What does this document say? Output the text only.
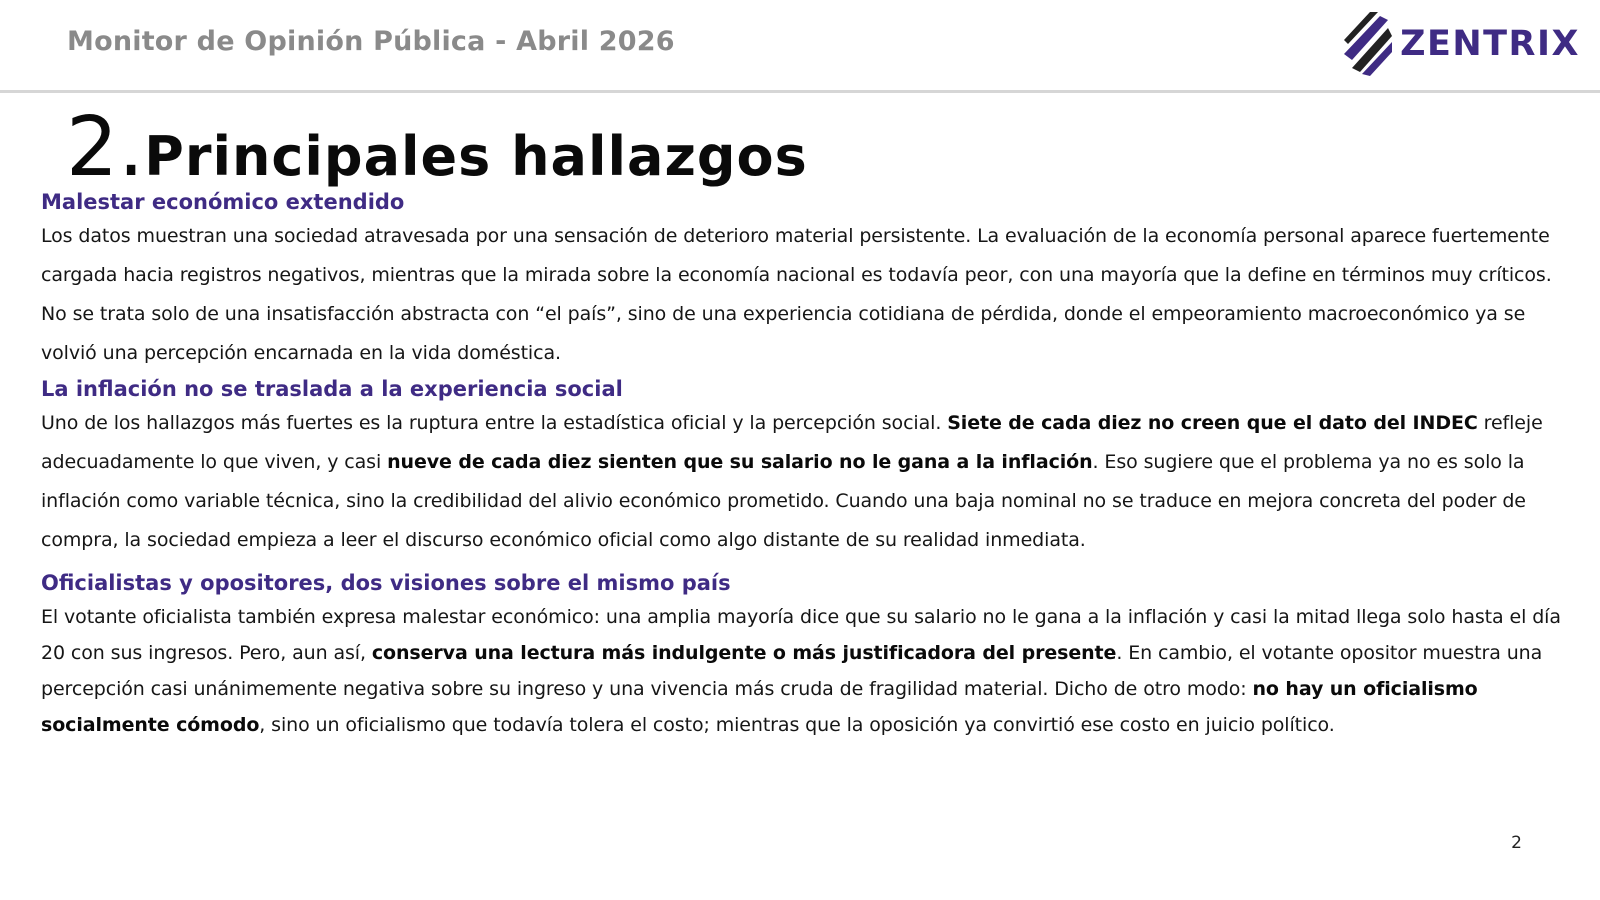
Monitor de Opinión Pública - Abril 2026	ZENTRIX
2.Principales hallazgos
Malestar económico extendido

Los datos muestran una sociedad atravesada por una sensación de deterioro material persistente. La evaluación de la economía personal aparece fuertemente cargada hacia registros negativos, mientras que la mirada sobre la economía nacional es todavía peor, con una mayoría que la define en términos muy críticos. No se trata solo de una insatisfacción abstracta con “el país”, sino de una experiencia cotidiana de pérdida, donde el empeoramiento macroeconómico ya se volvió una percepción encarnada en la vida doméstica.

La inflación no se traslada a la experiencia social

Uno de los hallazgos más fuertes es la ruptura entre la estadística oficial y la percepción social. Siete de cada diez no creen que el dato del INDEC refleje adecuadamente lo que viven, y casi nueve de cada diez sienten que su salario no le gana a la inflación. Eso sugiere que el problema ya no es solo la inflación como variable técnica, sino la credibilidad del alivio económico prometido. Cuando una baja nominal no se traduce en mejora concreta del poder de compra, la sociedad empieza a leer el discurso económico oficial como algo distante de su realidad inmediata.

Oficialistas y opositores, dos visiones sobre el mismo país

El votante oficialista también expresa malestar económico: una amplia mayoría dice que su salario no le gana a la inflación y casi la mitad llega solo hasta el día 20 con sus ingresos. Pero, aun así, conserva una lectura más indulgente o más justificadora del presente. En cambio, el votante opositor muestra una percepción casi unánimemente negativa sobre su ingreso y una vivencia más cruda de fragilidad material. Dicho de otro modo: no hay un oficialismo socialmente cómodo, sino un oficialismo que todavía tolera el costo; mientras que la oposición ya convirtió ese costo en juicio político.

2
